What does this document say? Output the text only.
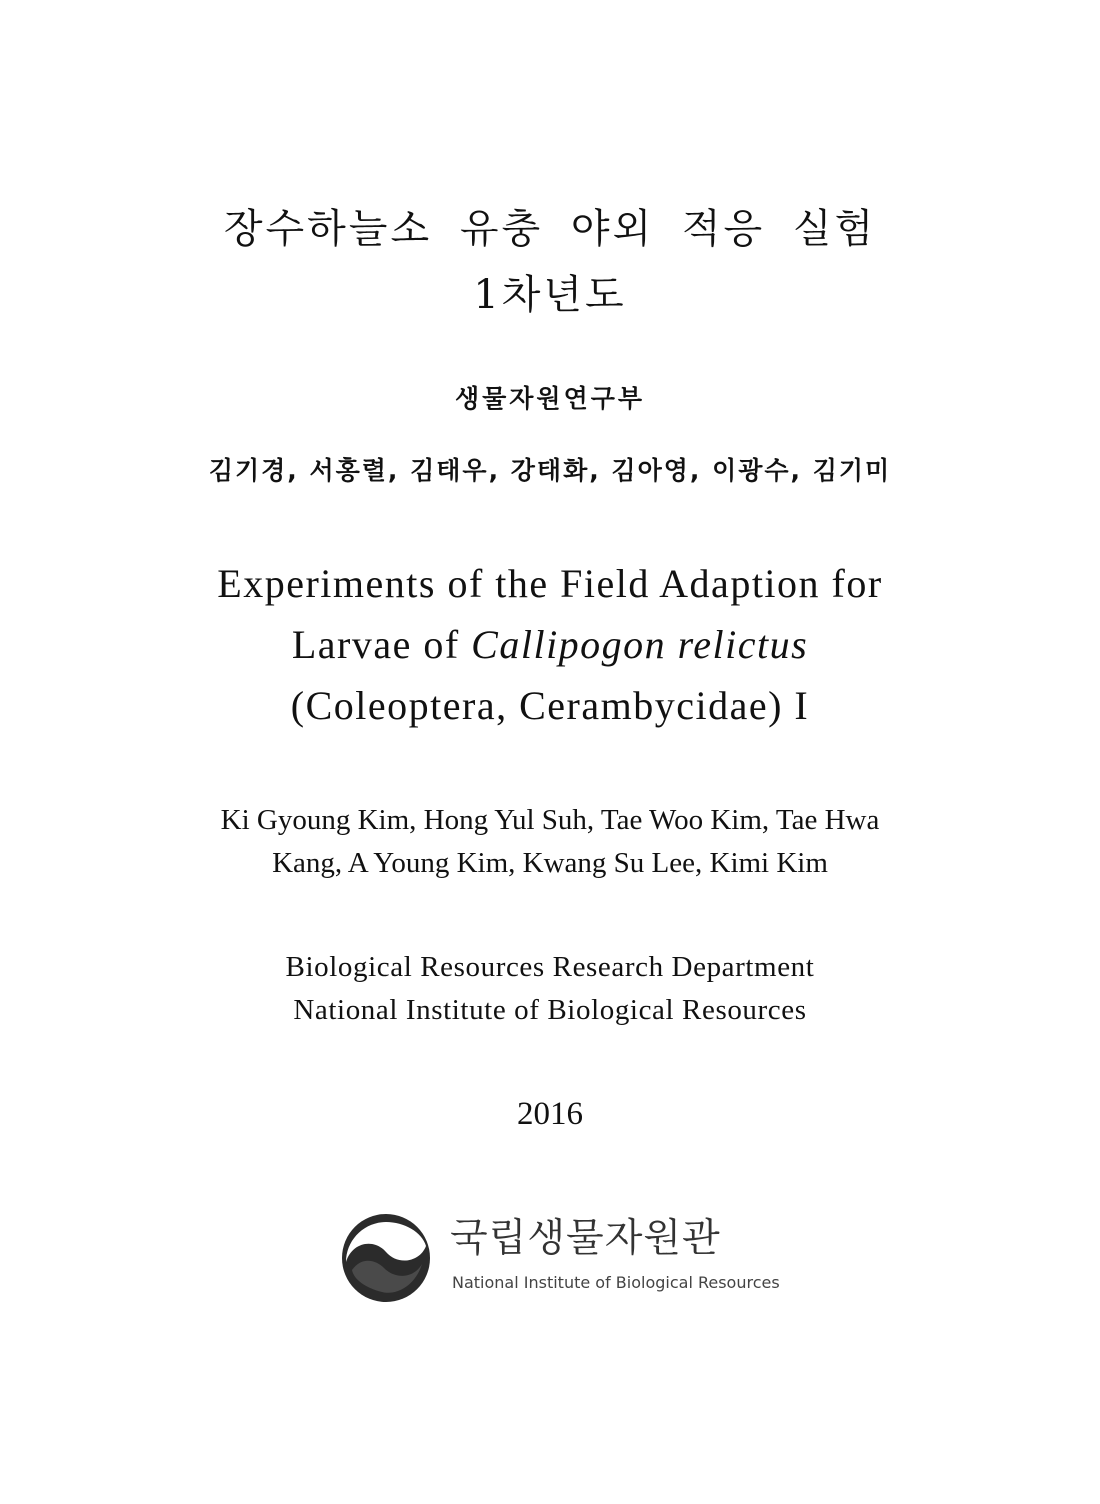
장수하늘소 유충 야외 적응 실험
1차년도
생물자원연구부
김기경, 서홍렬, 김태우, 강태화, 김아영, 이광수, 김기미
Experiments of the Field Adaption for
Larvae of Callipogon relictus
(Coleoptera, Cerambycidae) I
Ki Gyoung Kim, Hong Yul Suh, Tae Woo Kim, Tae Hwa
Kang, A Young Kim, Kwang Su Lee, Kimi Kim
Biological Resources Research Department
National Institute of Biological Resources
2016
국립생물자원관
National Institute of Biological Resources
